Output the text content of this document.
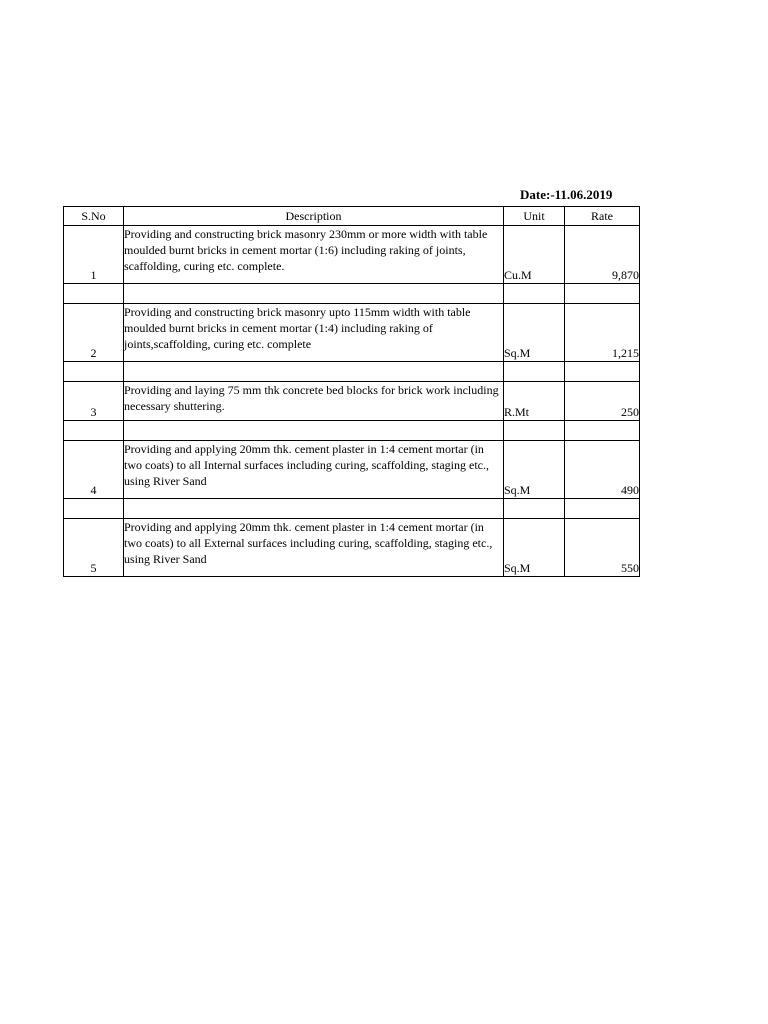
Date:-11.06.2019
S.No	Description	Unit	Rate
1	Providing and constructing brick masonry 230mm or more width with table moulded burnt bricks in cement mortar (1:6) including raking of joints, scaffolding, curing etc. complete.	Cu.M	9,870

2	Providing and constructing brick masonry upto 115mm width with table moulded burnt bricks in cement mortar (1:4) including raking of joints,scaffolding, curing etc. complete	Sq.M	1,215

3	Providing and laying 75 mm thk concrete bed blocks for brick work including necessary shuttering.	R.Mt	250

4	Providing and applying 20mm thk. cement plaster in 1:4 cement mortar (in two coats) to all Internal surfaces including curing, scaffolding, staging etc., using River Sand	Sq.M	490

5	Providing and applying 20mm thk. cement plaster in 1:4 cement mortar (in two coats) to all External surfaces including curing, scaffolding, staging etc., using River Sand	Sq.M	550
